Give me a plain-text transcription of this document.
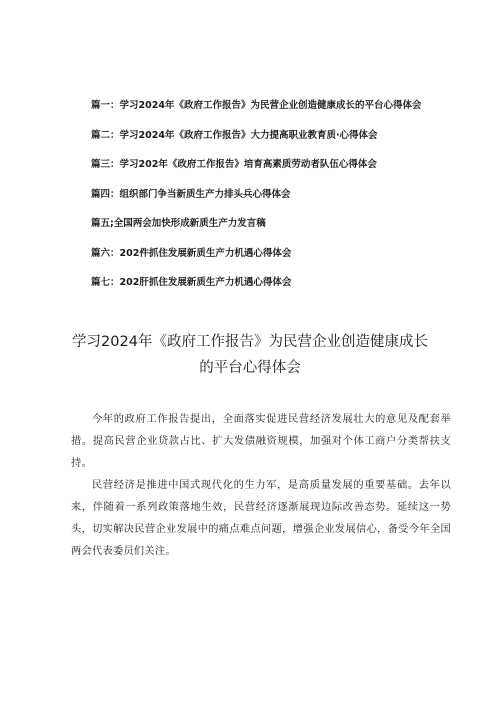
篇一：学习2024年《政府工作报告》为民营企业创造健康成长的平台心得体会
篇二：学习2024年《政府工作报告》大力提高职业教育质·心得体会
篇三：学习202年《政府工作报告》培育高素质劳动者队伍心得体会
篇四：组织部门争当新质生产力排头兵心得体会
篇五;全国两会加快形成新质生产力发言稿
篇六：202件抓住发展新质生产力机遇心得体会
篇七：202肝抓住发展新质生产力机遇心得体会
学习2024年《政府工作报告》为民营企业创造健康成长
的平台心得体会

今年的政府工作报告提出，全面落实促进民营经济发展壮大的意见及配套举措。提高民营企业贷款占比、扩大发债融资规模，加强对个体工商户分类帮扶支持。

民营经济是推进中国式现代化的生力军，是高质量发展的重要基础。去年以来，伴随着一系列政策落地生效，民营经济逐渐展现边际改善态势。延续这一势头，切实解决民营企业发展中的痛点难点问题，增强企业发展信心，备受今年全国两会代表委员们关注。
